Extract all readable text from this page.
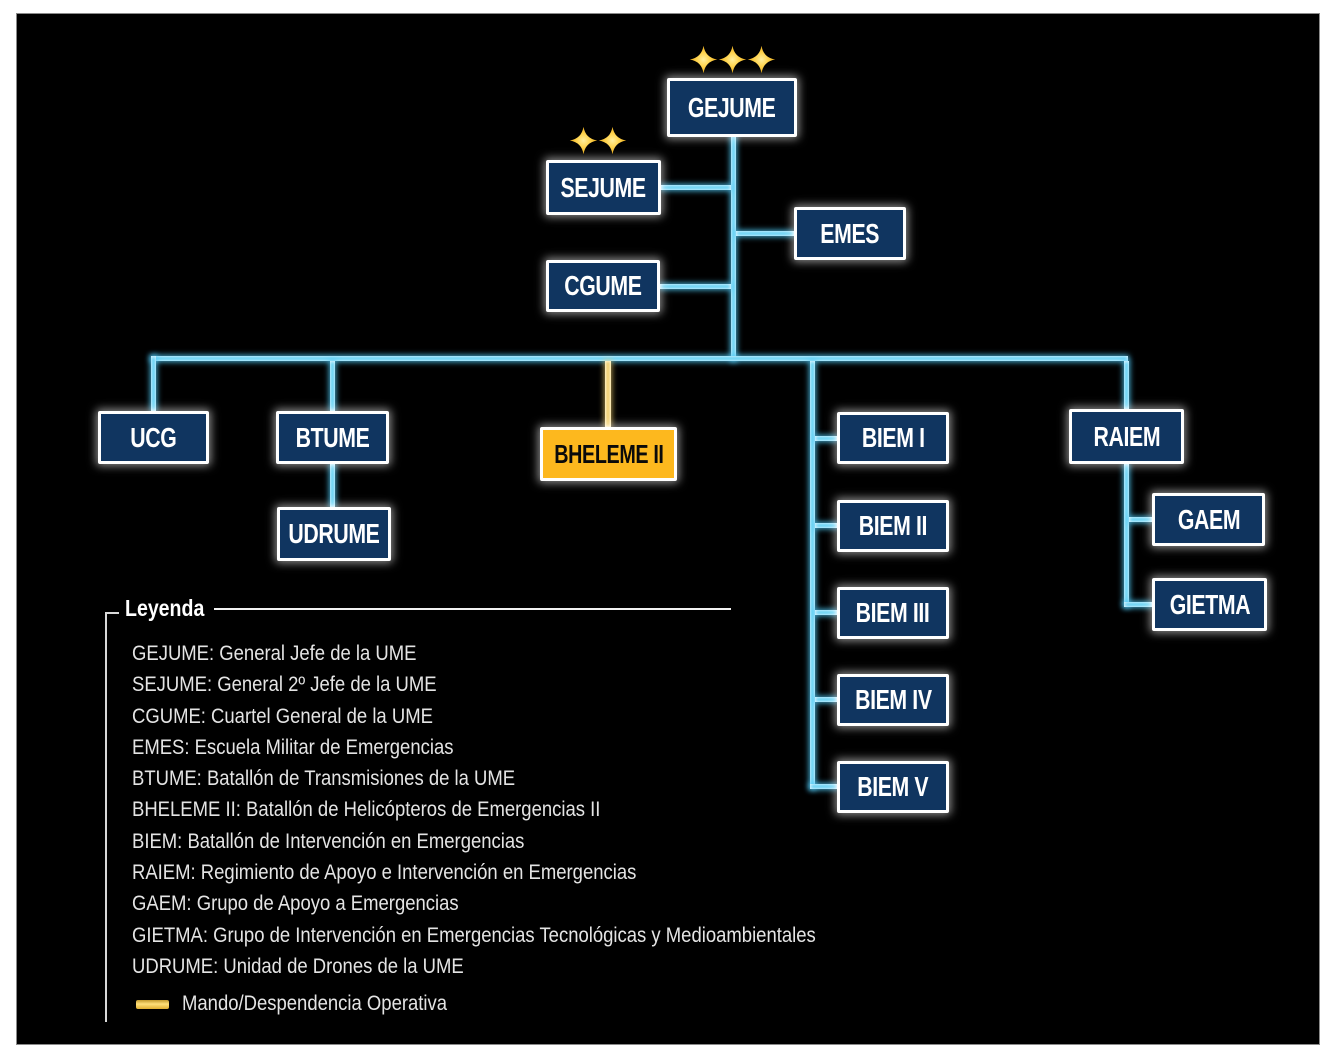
GEJUME
SEJUME
EMES
CGUME
UCG	BTUME
UDRUME
BHELEME II
BIEM I
BIEM II
BIEM III
BIEM IV
BIEM V
RAIEM
GAEM
GIETMA
Leyenda
GEJUME: General Jefe de la UME
SEJUME: General 2º Jefe de la UME
CGUME: Cuartel General de la UME
EMES: Escuela Militar de Emergencias
BTUME: Batallón de Transmisiones de la UME
BHELEME II: Batallón de Helicópteros de Emergencias II
BIEM: Batallón de Intervención en Emergencias
RAIEM: Regimiento de Apoyo e Intervención en Emergencias
GAEM: Grupo de Apoyo a Emergencias
GIETMA: Grupo de Intervención en Emergencias Tecnológicas y Medioambientales
UDRUME: Unidad de Drones de la UME
Mando/Despendencia Operativa
